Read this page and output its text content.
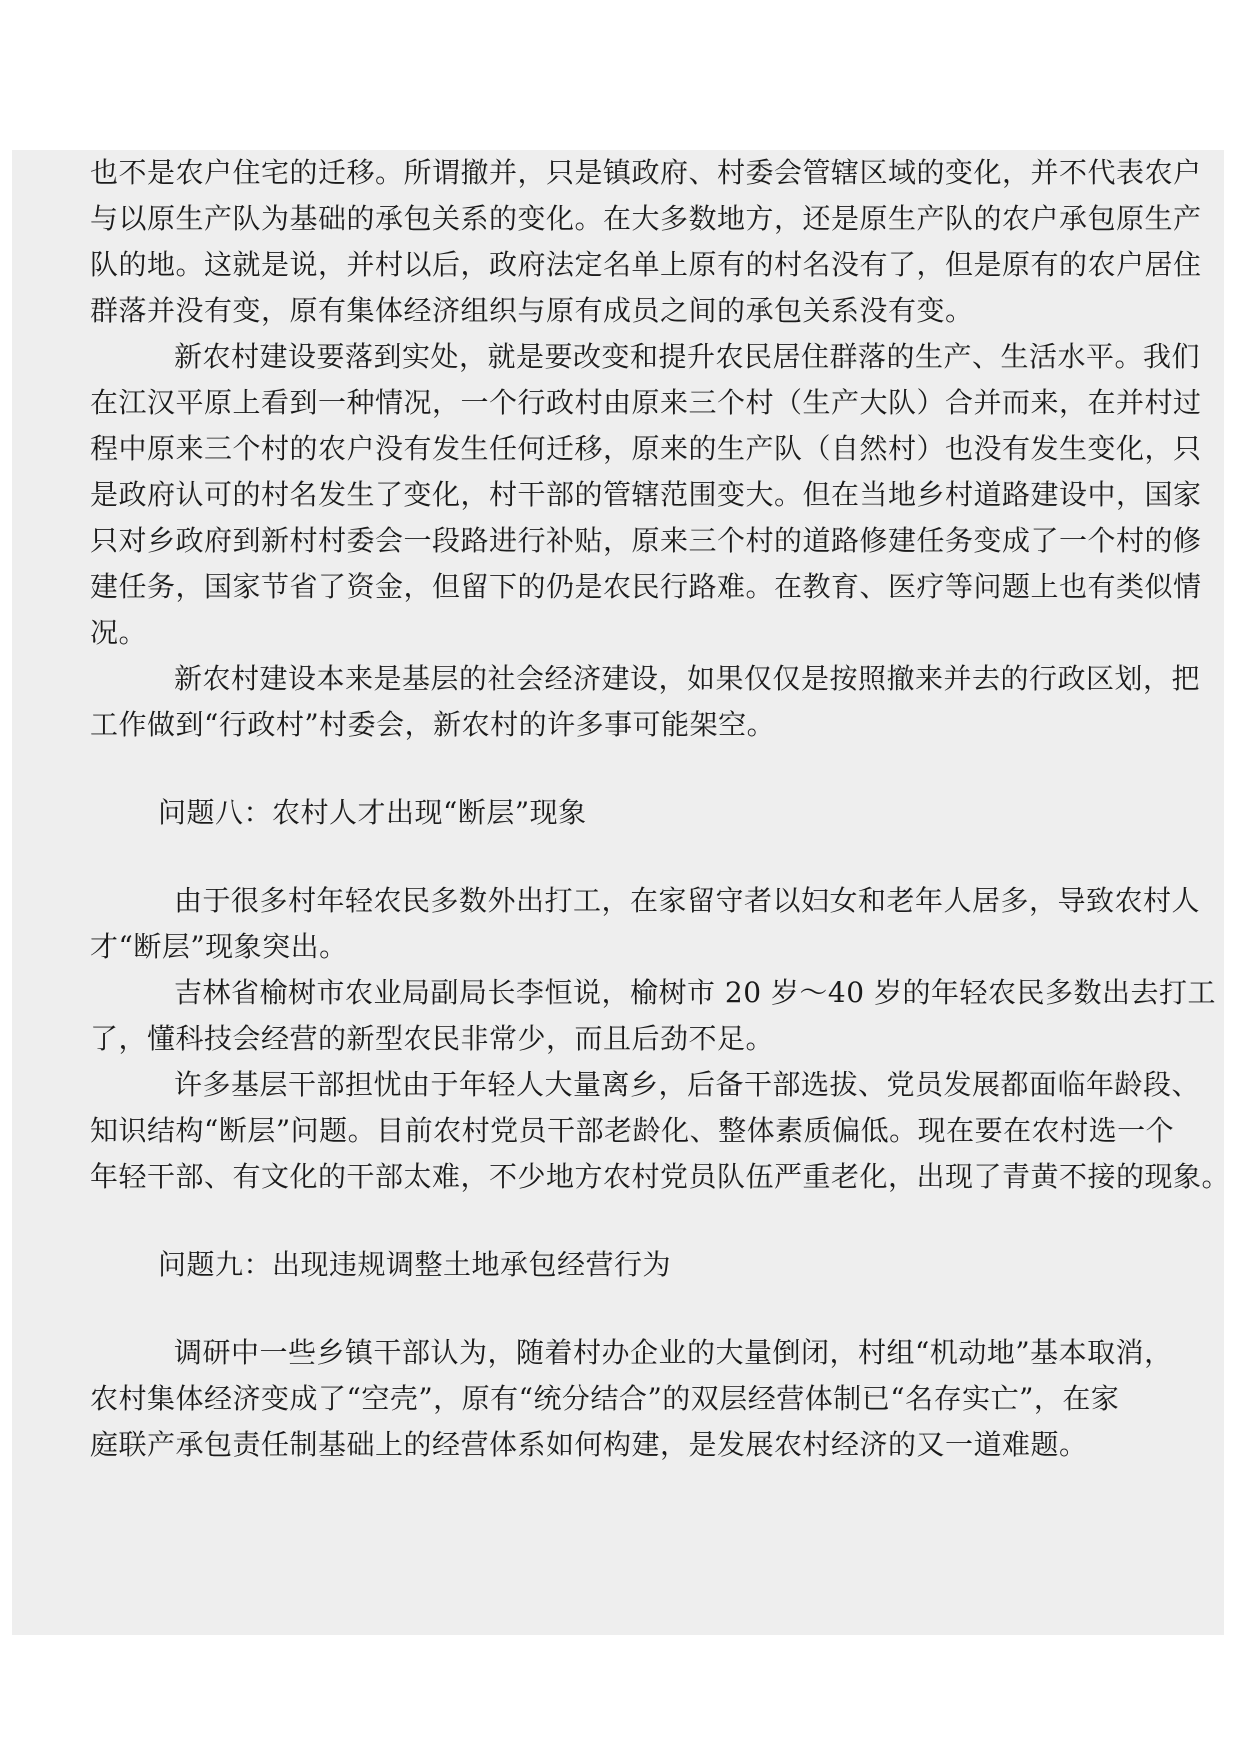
也不是农户住宅的迁移。所谓撤并，只是镇政府、村委会管辖区域的变化，并不代表农户
与以原生产队为基础的承包关系的变化。在大多数地方，还是原生产队的农户承包原生产
队的地。这就是说，并村以后，政府法定名单上原有的村名没有了，但是原有的农户居住
群落并没有变，原有集体经济组织与原有成员之间的承包关系没有变。
新农村建设要落到实处，就是要改变和提升农民居住群落的生产、生活水平。我们
在江汉平原上看到一种情况，一个行政村由原来三个村（生产大队）合并而来，在并村过
程中原来三个村的农户没有发生任何迁移，原来的生产队（自然村）也没有发生变化，只
是政府认可的村名发生了变化，村干部的管辖范围变大。但在当地乡村道路建设中，国家
只对乡政府到新村村委会一段路进行补贴，原来三个村的道路修建任务变成了一个村的修
建任务，国家节省了资金，但留下的仍是农民行路难。在教育、医疗等问题上也有类似情
况。
新农村建设本来是基层的社会经济建设，如果仅仅是按照撤来并去的行政区划，把
工作做到“行政村”村委会，新农村的许多事可能架空。
问题八：农村人才出现“断层”现象
由于很多村年轻农民多数外出打工，在家留守者以妇女和老年人居多，导致农村人
才“断层”现象突出。
吉林省榆树市农业局副局长李恒说，榆树市 20 岁～40 岁的年轻农民多数出去打工
了，懂科技会经营的新型农民非常少，而且后劲不足。
许多基层干部担忧由于年轻人大量离乡，后备干部选拔、党员发展都面临年龄段、
知识结构“断层”问题。目前农村党员干部老龄化、整体素质偏低。现在要在农村选一个
年轻干部、有文化的干部太难，不少地方农村党员队伍严重老化，出现了青黄不接的现象。
问题九：出现违规调整土地承包经营行为
调研中一些乡镇干部认为，随着村办企业的大量倒闭，村组“机动地”基本取消，
农村集体经济变成了“空壳”，原有“统分结合”的双层经营体制已“名存实亡”，在家
庭联产承包责任制基础上的经营体系如何构建，是发展农村经济的又一道难题。
